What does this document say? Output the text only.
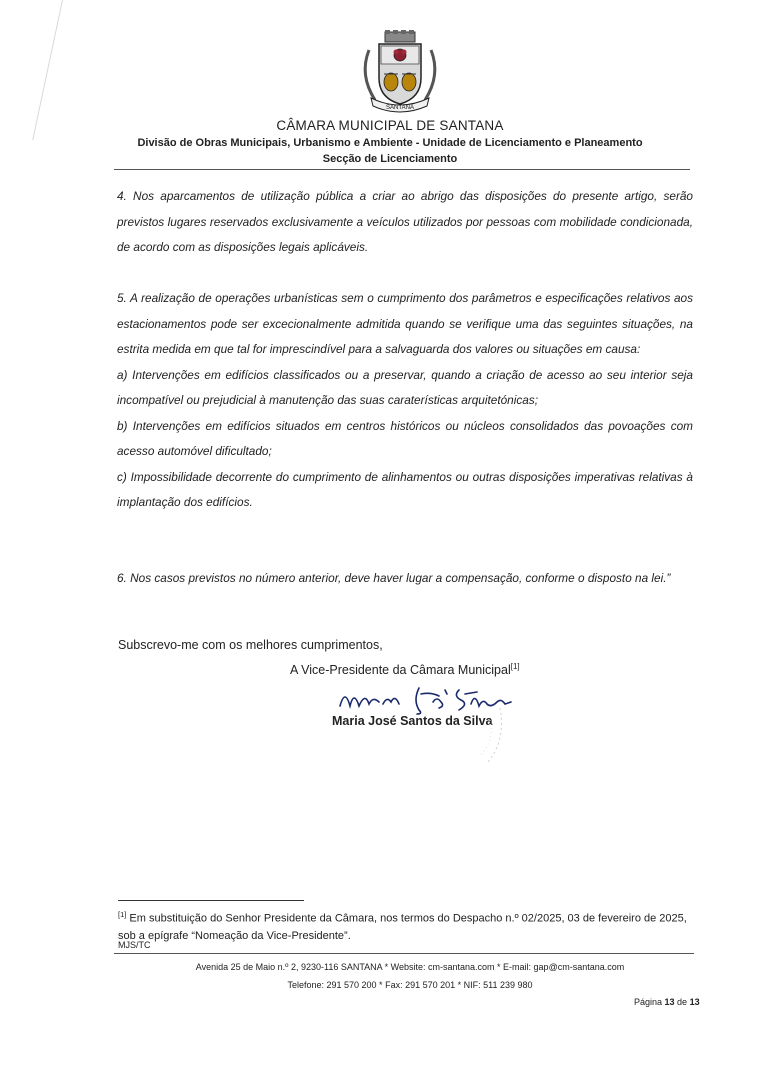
SANTANA
CÂMARA MUNICIPAL DE SANTANA
Divisão de Obras Municipais, Urbanismo e Ambiente - Unidade de Licenciamento e Planeamento
Secção de Licenciamento

4. Nos aparcamentos de utilização pública a criar ao abrigo das disposições do presente artigo, serão previstos lugares reservados exclusivamente a veículos utilizados por pessoas com mobilidade condicionada, de acordo com as disposições legais aplicáveis.

5. A realização de operações urbanísticas sem o cumprimento dos parâmetros e especificações relativos aos estacionamentos pode ser excecionalmente admitida quando se verifique uma das seguintes situações, na estrita medida em que tal for imprescindível para a salvaguarda dos valores ou situações em causa:

a) Intervenções em edifícios classificados ou a preservar, quando a criação de acesso ao seu interior seja incompatível ou prejudicial à manutenção das suas caraterísticas arquitetónicas;

b) Intervenções em edifícios situados em centros históricos ou núcleos consolidados das povoações com acesso automóvel dificultado;

c) Impossibilidade decorrente do cumprimento de alinhamentos ou outras disposições imperativas relativas à implantação dos edifícios.

6. Nos casos previstos no número anterior, deve haver lugar a compensação, conforme o disposto na lei.”

Subscrevo-me com os melhores cumprimentos,
A Vice-Presidente da Câmara Municipal[1]
Maria José Santos da Silva
[1] Em substituição do Senhor Presidente da Câmara, nos termos do Despacho n.º 02/2025, 03 de fevereiro de 2025, sob a epígrafe “Nomeação da Vice-Presidente”.
MJS/TC
Avenida 25 de Maio n.º 2, 9230-116 SANTANA * Website: cm-santana.com * E-mail: gap@cm-santana.com
Telefone: 291 570 200 * Fax: 291 570 201 * NIF: 511 239 980
Página 13 de 13
